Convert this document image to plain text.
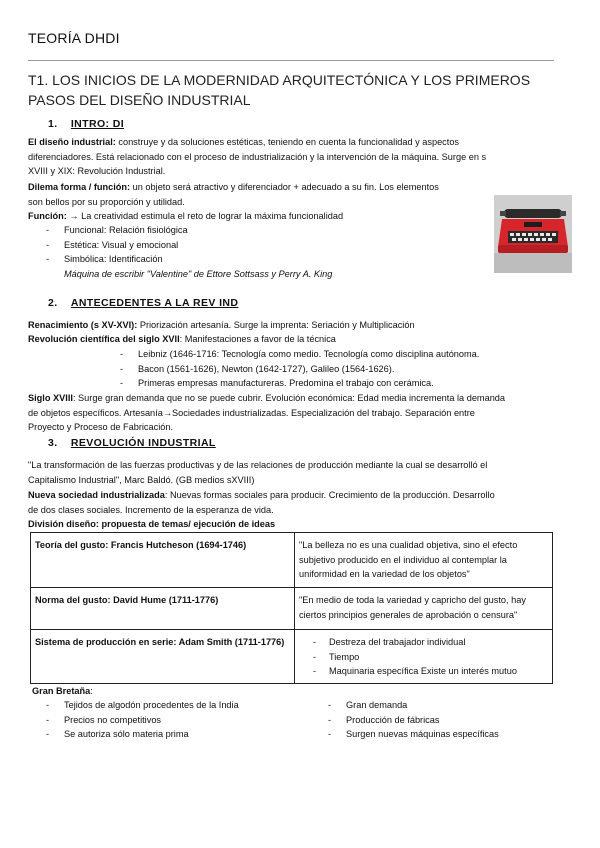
TEORÍA DHDI
T1. LOS INICIOS DE LA MODERNIDAD ARQUITECTÓNICA Y LOS PRIMEROS PASOS DEL DISEÑO INDUSTRIAL
1. INTRO: DI
El diseño industrial: construye y da soluciones estéticas, teniendo en cuenta la funcionalidad y aspectos
diferenciadores. Está relacionado con el proceso de industrialización y la intervención de la máquina. Surge en s
XVIII y XIX: Revolución Industrial.
Dilema forma / función: un objeto será atractivo y diferenciador + adecuado a su fin. Los elementos
son bellos por su proporción y utilidad.
Función: → La creatividad estimula el reto de lograr la máxima funcionalidad
- Funcional: Relación fisiológica
- Estética: Visual y emocional
- Simbólica: Identificación
Máquina de escribir "Valentine" de Ettore Sottsass y Perry A. King
2. ANTECEDENTES A LA REV IND
Renacimiento (s XV-XVI): Priorización artesanía. Surge la imprenta: Seriación y Multiplicación
Revolución científica del siglo XVII: Manifestaciones a favor de la técnica
- Leibniz (1646-1716: Tecnología como medio. Tecnología como disciplina autónoma.
- Bacon (1561-1626), Newton (1642-1727), Galileo (1564-1626).
- Primeras empresas manufactureras. Predomina el trabajo con cerámica.
Siglo XVIII: Surge gran demanda que no se puede cubrir. Evolución económica: Edad media incrementa la demanda
de objetos específicos. Artesanía→Sociedades industrializadas. Especialización del trabajo. Separación entre
Proyecto y Proceso de Fabricación.
3. REVOLUCIÓN INDUSTRIAL
"La transformación de las fuerzas productivas y de las relaciones de producción mediante la cual se desarrolló el
Capitalismo Industrial", Marc Baldó. (GB medios sXVIII)
Nueva sociedad industrializada: Nuevas formas sociales para producir. Crecimiento de la producción. Desarrollo
de dos clases sociales. Incremento de la esperanza de vida.
División diseño: propuesta de temas/ ejecución de ideas
Teoría del gusto: Francis Hutcheson (1694-1746)	"La belleza no es una cualidad objetiva, sino el efecto subjetivo producido en el individuo al contemplar la uniformidad en la variedad de los objetos"
Norma del gusto: David Hume (1711-1776)	"En medio de toda la variedad y capricho del gusto, hay ciertos principios generales de aprobación o censura"
Sistema de producción en serie: Adam Smith (1711-1776)	- Destreza del trabajador individual
- Tiempo
- Maquinaria específica Existe un interés mutuo
Gran Bretaña:
- Tejidos de algodón procedentes de la India
- Precios no competitivos
- Se autoriza sólo materia prima
- Gran demanda
- Producción de fábricas
- Surgen nuevas máquinas específicas
